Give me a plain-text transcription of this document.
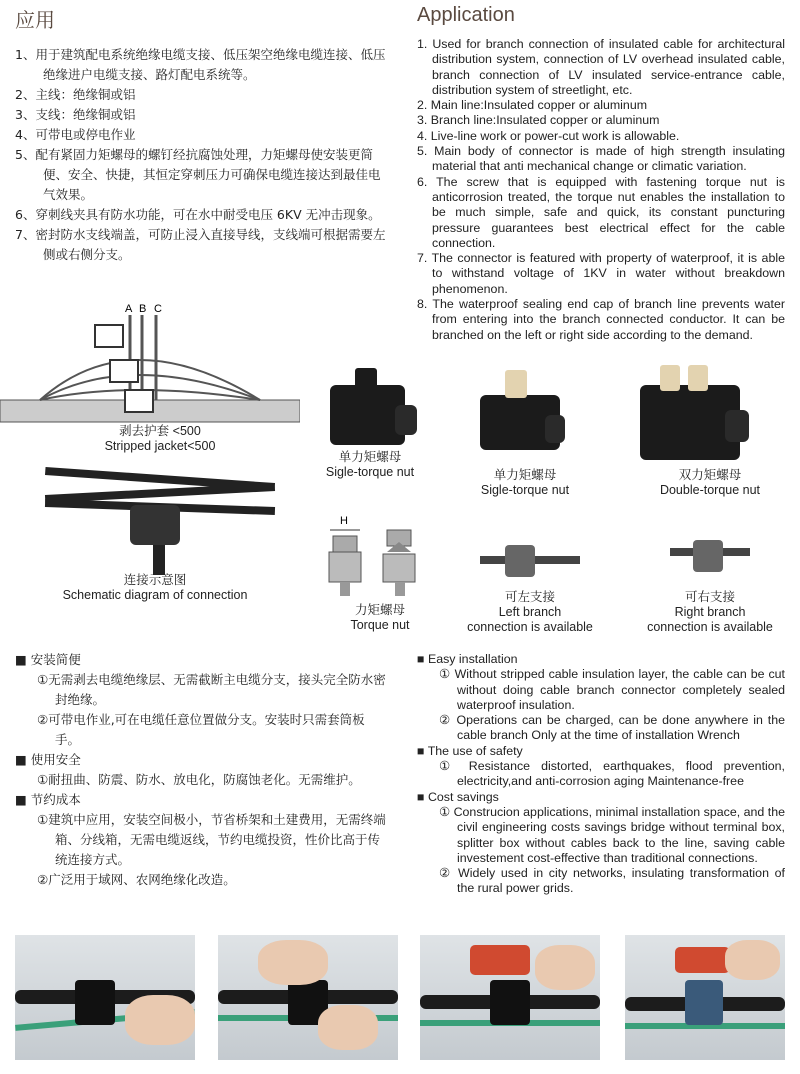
应用
1、用于建筑配电系统绝缘电缆支接、低压架空绝缘电缆连接、低压绝缘进户电缆支接、路灯配电系统等。
2、主线：绝缘铜或铝
3、支线：绝缘铜或铝
4、可带电或停电作业
5、配有紧固力矩螺母的螺钉经抗腐蚀处理，力矩螺母使安装更简便、安全、快捷，其恒定穿刺压力可确保电缆连接达到最佳电气效果。
6、穿刺线夹具有防水功能，可在水中耐受电压 6KV 无冲击现象。
7、密封防水支线端盖，可防止浸入直接导线，支线端可根据需要左侧或右侧分支。
Application
1. Used for branch connection of insulated cable for architectural distribution system, connection of LV overhead insulated cable, branch connection of LV insulated service-entrance cable, distribution system of streetlight, etc.
2. Main line:Insulated copper or aluminum
3. Branch line:Insulated copper or aluminum
4. Live-line work or power-cut work is allowable.
5. Main body of connector is made of high strength insulating material that anti mechanical change or climatic variation.
6. The screw that is equipped with fastening torque nut is anticorrosion treated, the torque nut enables the installation to be much simple, safe and quick, its constant puncturing pressure guarantees best electrical effect for the cable connection.
7. The connector is featured with property of waterproof, it is able to withstand voltage of 1KV in water without breakdown phenomenon.
8. The waterproof sealing end cap of branch line prevents water from entering into the branch connected conductor. It can be branched on the left or right side according to the demand.
A B C
剥去护套 <500
Stripped jacket<500
连接示意图
Schematic diagram of connection
单力矩螺母
Sigle-torque nut	单力矩螺母
Sigle-torque nut
双力矩螺母
Double-torque nut
H
力矩螺母
Torque nut
可左支接
Left branch
connection is available
可右支接
Right branch
connection is available
■ 安装简便
①无需剥去电缆绝缘层、无需截断主电缆分支，接头完全防水密封绝缘。
②可带电作业,可在电缆任意位置做分支。安装时只需套筒板手。
■ 使用安全
①耐扭曲、防震、防水、放电化，防腐蚀老化。无需维护。
■ 节约成本
①建筑中应用，安装空间极小，节省桥架和土建费用，无需终端箱、分线箱，无需电缆返线，节约电缆投资，性价比高于传统连接方式。
②广泛用于域网、农网绝缘化改造。
■ Easy installation
① Without stripped cable insulation layer, the cable can be cut without doing cable branch connector completely sealed waterproof insulation.
② Operations can be charged, can be done anywhere in the cable branch Only at the time of installation Wrench
■ The use of safety
① Resistance distorted, earthquakes, flood prevention, electricity,and anti-corrosion aging Maintenance-free
■ Cost savings
① Construcion applications, minimal installation space, and the civil engineering costs savings bridge without terminal box, splitter box without cables back to the line, saving cable investement cost-effective than traditional connections.
② Widely used in city networks, insulating transformation of the rural power grids.
